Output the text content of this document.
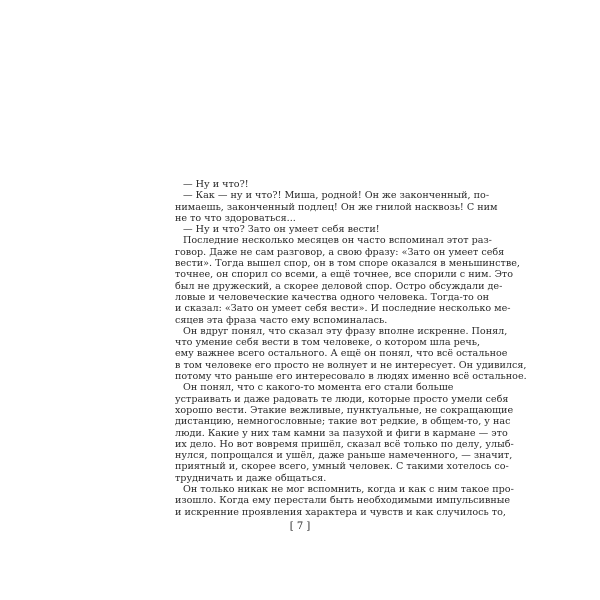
— Ну и что?!
— Как — ну и что?! Миша, родной! Он же законченный, по-
нимаешь, законченный подлец! Он же гнилой насквозь! С ним
не то что здороваться...
— Ну и что? Зато он умеет себя вести!
Последние несколько месяцев он часто вспоминал этот раз-
говор. Даже не сам разговор, а свою фразу: «Зато он умеет себя
вести». Тогда вышел спор, он в том споре оказался в меньшинстве,
точнее, он спорил со всеми, а ещё точнее, все спорили с ним. Это
был не дружеский, а скорее деловой спор. Остро обсуждали де-
ловые и человеческие качества одного человека. Тогда-то он
и сказал: «Зато он умеет себя вести». И последние несколько ме-
сяцев эта фраза часто ему вспоминалась.
Он вдруг понял, что сказал эту фразу вполне искренне. Понял,
что умение себя вести в том человеке, о котором шла речь,
ему важнее всего остального. А ещё он понял, что всё остальное
в том человеке его просто не волнует и не интересует. Он удивился,
потому что раньше его интересовало в людях именно всё остальное.
Он понял, что с какого-то момента его стали больше
устраивать и даже радовать те люди, которые просто умели себя
хорошо вести. Этакие вежливые, пунктуальные, не сокращающие
дистанцию, немногословные; такие вот редкие, в общем-то, у нас
люди. Какие у них там камни за пазухой и фиги в кармане — это
их дело. Но вот вовремя пришёл, сказал всё только по делу, улыб-
нулся, попрощался и ушёл, даже раньше намеченного, — значит,
приятный и, скорее всего, умный человек. С такими хотелось со-
трудничать и даже общаться.
Он только никак не мог вспомнить, когда и как с ним такое про-
изошло. Когда ему перестали быть необходимыми импульсивные
и искренние проявления характера и чувств и как случилось то,
[ 7 ]
